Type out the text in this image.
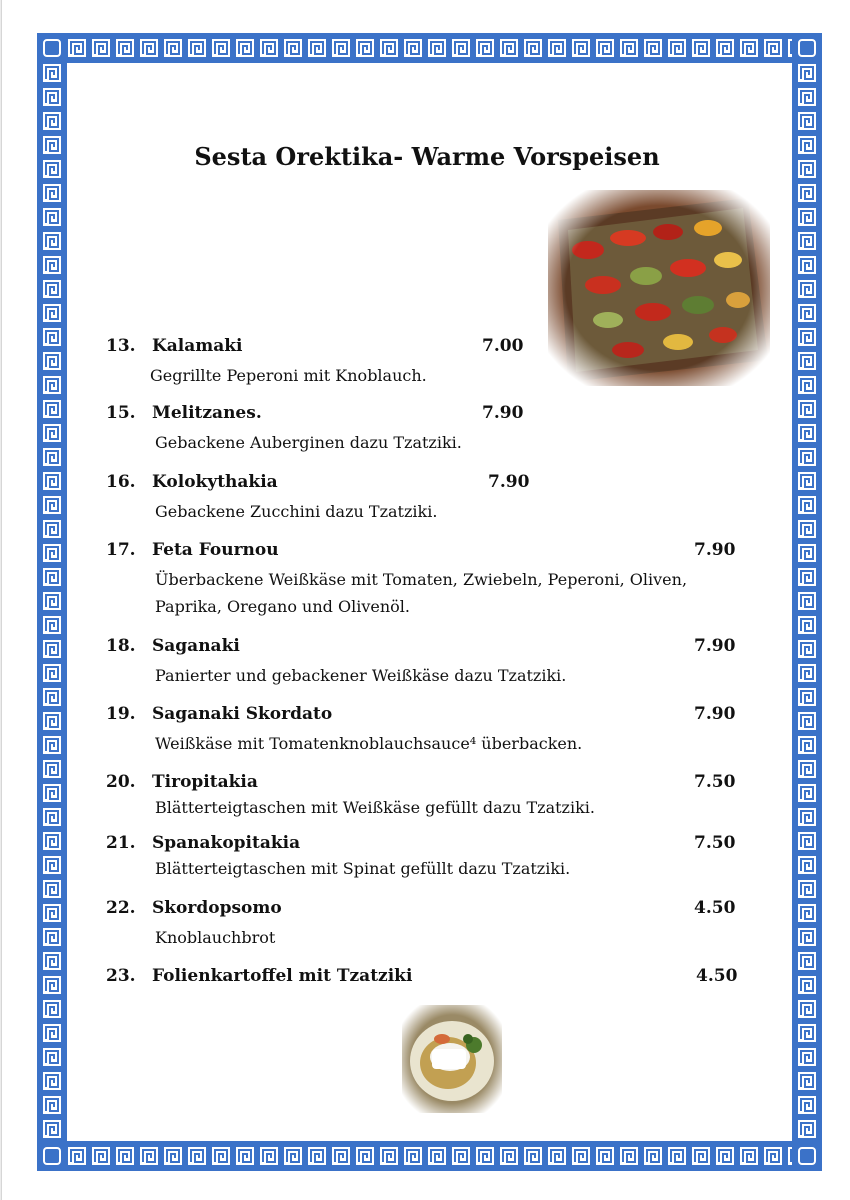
Sesta Orektika- Warme Vorspeisen
13. Kalamaki	7.00
Gegrillte Peperoni mit Knoblauch.
15. Melitzanes.	7.90
Gebackene Auberginen dazu Tzatziki.
16. Kolokythakia	7.90
Gebackene Zucchini dazu Tzatziki.
17. Feta Fournou	7.90
Überbackene Weißkäse mit Tomaten, Zwiebeln, Peperoni, Oliven, Paprika, Oregano und Olivenöl.
18. Saganaki	7.90
Panierter und gebackener Weißkäse dazu Tzatziki.
19. Saganaki Skordato	7.90
Weißkäse mit Tomatenknoblauchsauce⁴ überbacken.
20. Tiropitakia	7.50
Blätterteigtaschen mit Weißkäse gefüllt dazu Tzatziki.
21. Spanakopitakia	7.50
Blätterteigtaschen mit Spinat gefüllt dazu Tzatziki.
22. Skordopsomo	4.50
Knoblauchbrot
23. Folienkartoffel mit Tzatziki	4.50
